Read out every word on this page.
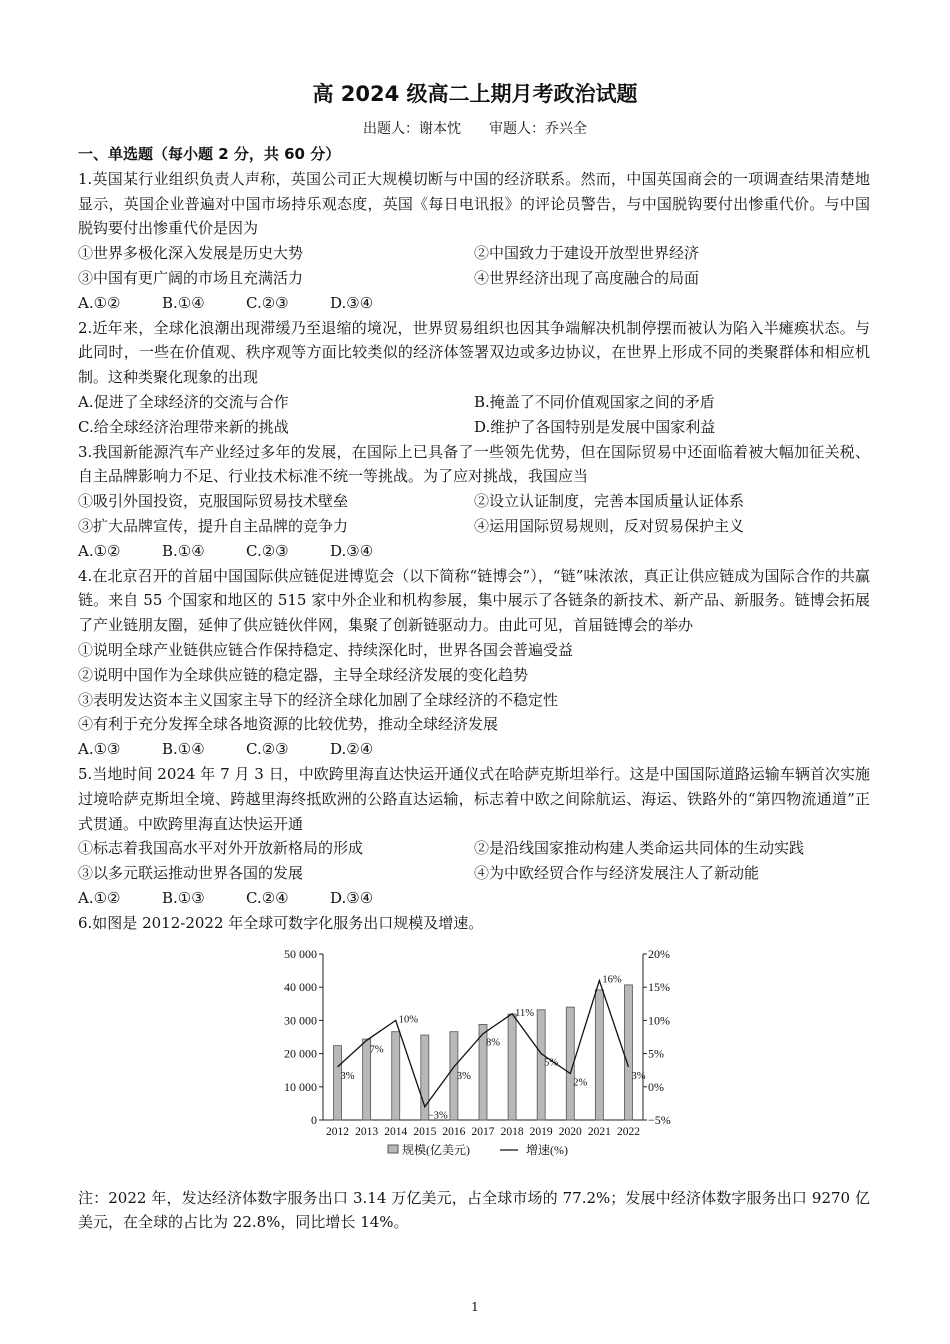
高 2024 级高二上期月考政治试题
出题人：谢本忱 审题人：乔兴全
一、单选题（每小题 2 分，共 60 分）
1.英国某行业组织负责人声称，英国公司正大规模切断与中国的经济联系。然而，中国英国商会的一项调查结果清楚地显示，英国企业普遍对中国市场持乐观态度，英国《每日电讯报》的评论员警告，与中国脱钩要付出惨重代价。与中国脱钩要付出惨重代价是因为
①世界多极化深入发展是历史大势	②中国致力于建设开放型世界经济
③中国有更广阔的市场且充满活力	④世界经济出现了高度融合的局面
A.①②	B.①④	C.②③	D.③④
2.近年来，全球化浪潮出现滞缓乃至退缩的境况，世界贸易组织也因其争端解决机制停摆而被认为陷入半瘫痪状态。与此同时，一些在价值观、秩序观等方面比较类似的经济体签署双边或多边协议，在世界上形成不同的类聚群体和相应机制。这种类聚化现象的出现
A.促进了全球经济的交流与合作	B.掩盖了不同价值观国家之间的矛盾
C.给全球经济治理带来新的挑战	D.维护了各国特别是发展中国家利益
3.我国新能源汽车产业经过多年的发展，在国际上已具备了一些领先优势，但在国际贸易中还面临着被大幅加征关税、自主品牌影响力不足、行业技术标准不统一等挑战。为了应对挑战，我国应当
①吸引外国投资，克服国际贸易技术壁垒	②设立认证制度，完善本国质量认证体系
③扩大品牌宣传，提升自主品牌的竞争力	④运用国际贸易规则，反对贸易保护主义
A.①②	B.①④	C.②③	D.③④
4.在北京召开的首届中国国际供应链促进博览会（以下简称“链博会”），“链”味浓浓，真正让供应链成为国际合作的共赢链。来自 55 个国家和地区的 515 家中外企业和机构参展，集中展示了各链条的新技术、新产品、新服务。链博会拓展了产业链朋友圈，延伸了供应链伙伴网，集聚了创新链驱动力。由此可见，首届链博会的举办
①说明全球产业链供应链合作保持稳定、持续深化时，世界各国会普遍受益
②说明中国作为全球供应链的稳定器，主导全球经济发展的变化趋势
③表明发达资本主义国家主导下的经济全球化加剧了全球经济的不稳定性
④有利于充分发挥全球各地资源的比较优势，推动全球经济发展
A.①③	B.①④	C.②③	D.②④
5.当地时间 2024 年 7 月 3 日，中欧跨里海直达快运开通仪式在哈萨克斯坦举行。这是中国国际道路运输车辆首次实施过境哈萨克斯坦全境、跨越里海终抵欧洲的公路直达运输，标志着中欧之间除航运、海运、铁路外的“第四物流通道”正式贯通。中欧跨里海直达快运开通
①标志着我国高水平对外开放新格局的形成	②是沿线国家推动构建人类命运共同体的生动实践
③以多元联运推动世界各国的发展	④为中欧经贸合作与经济发展注人了新动能
A.①②	B.①③	C.②④	D.③④
6.如图是 2012-2022 年全球可数字化服务出口规模及增速。
0
10 000
20 000
30 000
40 000
50 000
−5%
0%
5%
10%
15%
20%
2012 2013 2014 2015 2016 2017 2018 2019 2020 2021 2022
3%
7%
10%
−3%
3%
8%
11%
5%
2%
16%
3%
规模(亿美元)	增速(%)
注：2022 年，发达经济体数字服务出口 3.14 万亿美元，占全球市场的 77.2%；发展中经济体数字服务出口 9270 亿美元，在全球的占比为 22.8%，同比增长 14%。
1
